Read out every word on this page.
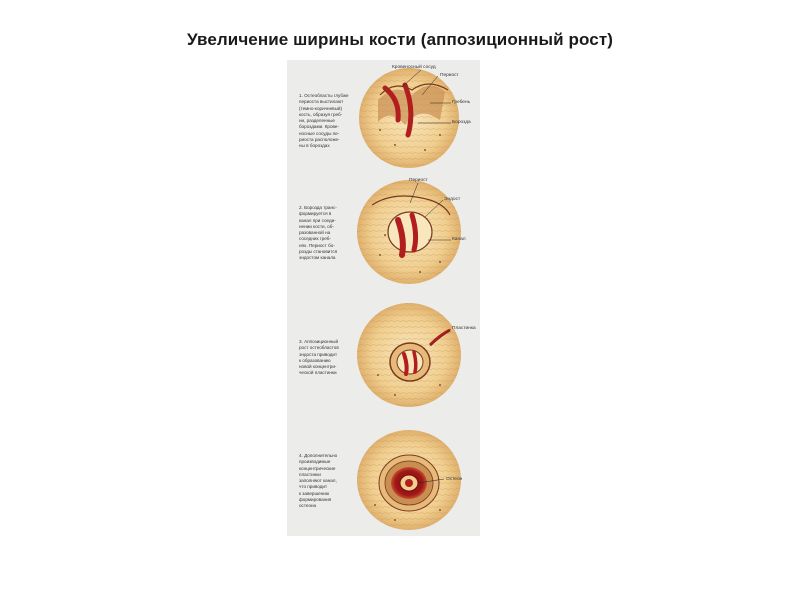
Увеличение ширины кости (аппозиционный рост)
1. Остеобласты глубже
периоста выстилают
(темно-коричневый)
кость, образуя греб-
ни, разделенные
бороздами. Крове-
носные сосуды пе-
риоста расположе-
ны в бороздах
2. Борозда транс-
формируется в
канал при соеди-
нении кости, об-
разованной на
соседних греб-
нях. Периост бо-
розды становится
эндостом канала
3. Аппозиционный
рост остеобластов
эндоста приводит
к образованию
новой концентри-
ческой пластинки
4. Дополнительно
производимые
концентрические
пластинки
заполняют канал,
что приводит
к завершению
формирования
остеона
Кровеносный сосуд
Периост
Гребень
Борозда
Периост
Эндост
Канал
Пластинка
Остеон
